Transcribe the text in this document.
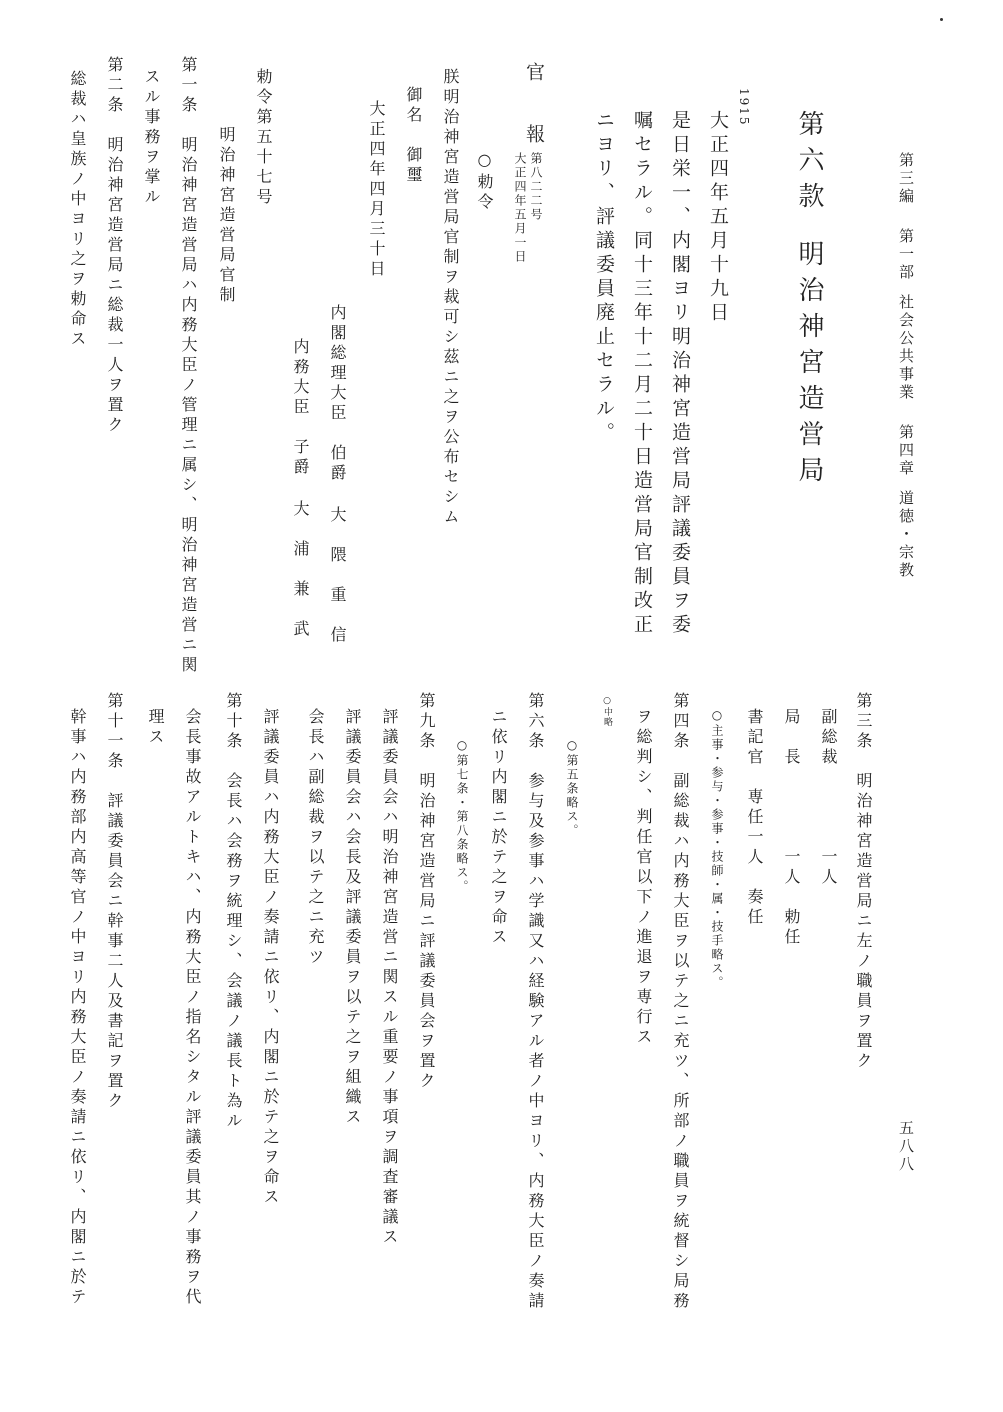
第三編第一部社会公共事業第四章道徳・宗教
第六款明治神宮造営局
1915
大正四年五月十九日
是日栄一、内閣ヨリ明治神宮造営局評議委員ヲ委
嘱セラル。同十三年十二月二十日造営局官制改正
ニヨリ、評議委員廃止セラル。
官　報
第八二二号
大正四年五月一日
○勅令
朕明治神宮造営局官制ヲ裁可シ茲ニ之ヲ公布セシム
御名　御璽
大正四年四月三十日
内閣総理大臣　伯爵大　隈　重　信
内務大臣　子爵大　浦　兼　武
勅令第五十七号
明治神宮造営局官制
第一条　明治神宮造営局ハ内務大臣ノ管理ニ属シ、明治神宮造営ニ関
スル事務ヲ掌ル
第二条　明治神宮造営局ニ総裁一人ヲ置ク
総裁ハ皇族ノ中ヨリ之ヲ勅命ス
第三条　明治神宮造営局ニ左ノ職員ヲ置ク
副総裁　　　　一人
局　長　　　　一人　勅任
書記官　専任一人　奏任
○主事・参与・参事・技師・属・技手略ス。
第四条　副総裁ハ内務大臣ヲ以テ之ニ充ツ、所部ノ職員ヲ統督シ局務
ヲ総判シ、判任官以下ノ進退ヲ専行ス
○中略
○第五条略ス。
第六条　参与及参事ハ学識又ハ経験アル者ノ中ヨリ、内務大臣ノ奏請
ニ依リ内閣ニ於テ之ヲ命ス
○第七条・第八条略ス。
第九条　明治神宮造営局ニ評議委員会ヲ置ク
評議委員会ハ明治神宮造営ニ関スル重要ノ事項ヲ調査審議ス
評議委員会ハ会長及評議委員ヲ以テ之ヲ組織ス
会長ハ副総裁ヲ以テ之ニ充ツ
評議委員ハ内務大臣ノ奏請ニ依リ、内閣ニ於テ之ヲ命ス
第十条　会長ハ会務ヲ統理シ、会議ノ議長ト為ル
会長事故アルトキハ、内務大臣ノ指名シタル評議委員其ノ事務ヲ代
理ス
第十一条　評議委員会ニ幹事二人及書記ヲ置ク
幹事ハ内務部内高等官ノ中ヨリ内務大臣ノ奏請ニ依リ、内閣ニ於テ	五八八
